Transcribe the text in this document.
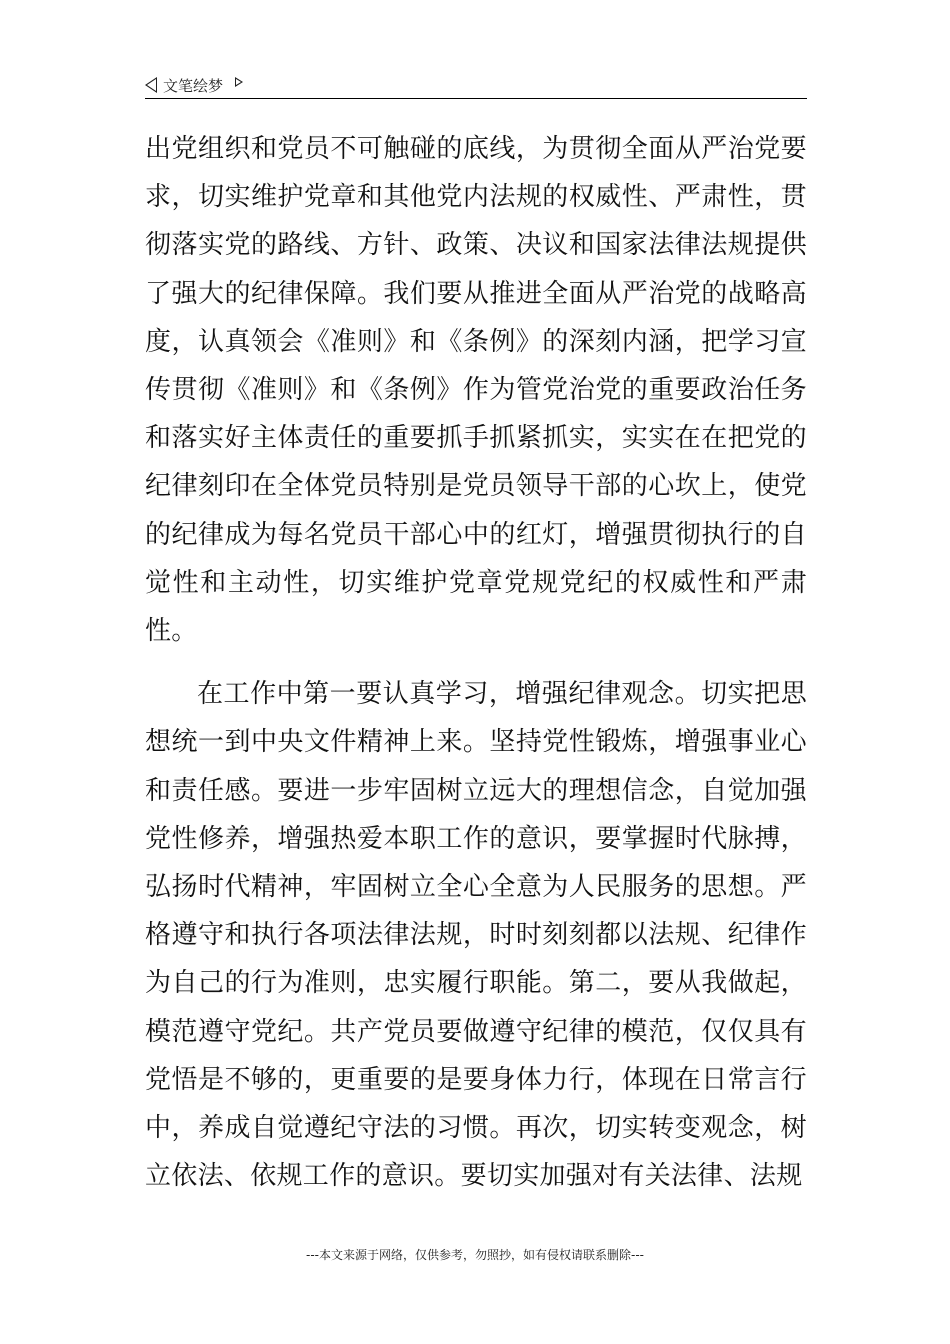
文笔绘梦

出党组织和党员不可触碰的底线，为贯彻全面从严治党要求，切实维护党章和其他党内法规的权威性、严肃性，贯彻落实党的路线、方针、政策、决议和国家法律法规提供了强大的纪律保障。我们要从推进全面从严治党的战略高度，认真领会《准则》和《条例》的深刻内涵，把学习宣传贯彻《准则》和《条例》作为管党治党的重要政治任务和落实好主体责任的重要抓手抓紧抓实，实实在在把党的纪律刻印在全体党员特别是党员领导干部的心坎上，使党的纪律成为每名党员干部心中的红灯，增强贯彻执行的自觉性和主动性，切实维护党章党规党纪的权威性和严肃性。

在工作中第一要认真学习，增强纪律观念。切实把思想统一到中央文件精神上来。坚持党性锻炼，增强事业心和责任感。要进一步牢固树立远大的理想信念，自觉加强党性修养，增强热爱本职工作的意识，要掌握时代脉搏，弘扬时代精神，牢固树立全心全意为人民服务的思想。严格遵守和执行各项法律法规，时时刻刻都以法规、纪律作为自己的行为准则，忠实履行职能。第二，要从我做起，模范遵守党纪。共产党员要做遵守纪律的模范，仅仅具有党悟是不够的，更重要的是要身体力行，体现在日常言行中，养成自觉遵纪守法的习惯。再次，切实转变观念，树立依法、依规工作的意识。要切实加强对有关法律、法规

---本文来源于网络，仅供参考，勿照抄，如有侵权请联系删除---
